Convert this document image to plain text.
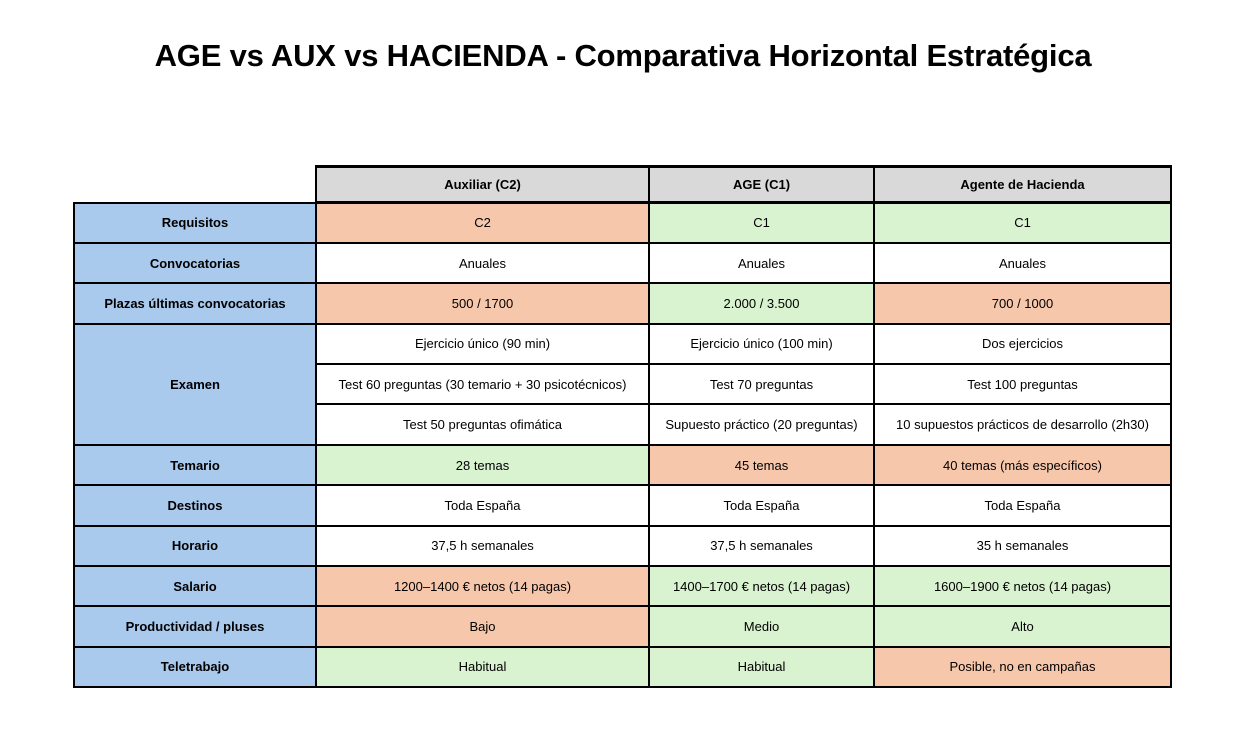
AGE vs AUX vs HACIENDA - Comparativa Horizontal Estratégica
	Auxiliar (C2)	AGE (C1)	Agente de Hacienda
Requisitos	C2	C1	C1
Convocatorias	Anuales	Anuales	Anuales
Plazas últimas convocatorias	500 / 1700	2.000 / 3.500	700 / 1000
Examen	Ejercicio único (90 min)	Ejercicio único (100 min)	Dos ejercicios
	Test 60 preguntas (30 temario + 30 psicotécnicos)	Test 70 preguntas	Test 100 preguntas
	Test 50 preguntas ofimática	Supuesto práctico (20 preguntas)	10 supuestos prácticos de desarrollo (2h30)
Temario	28 temas	45 temas	40 temas (más específicos)
Destinos	Toda España	Toda España	Toda España
Horario	37,5 h semanales	37,5 h semanales	35 h semanales
Salario	1200–1400 € netos (14 pagas)	1400–1700 € netos (14 pagas)	1600–1900 € netos (14 pagas)
Productividad / pluses	Bajo	Medio	Alto
Teletrabajo	Habitual	Habitual	Posible, no en campañas
